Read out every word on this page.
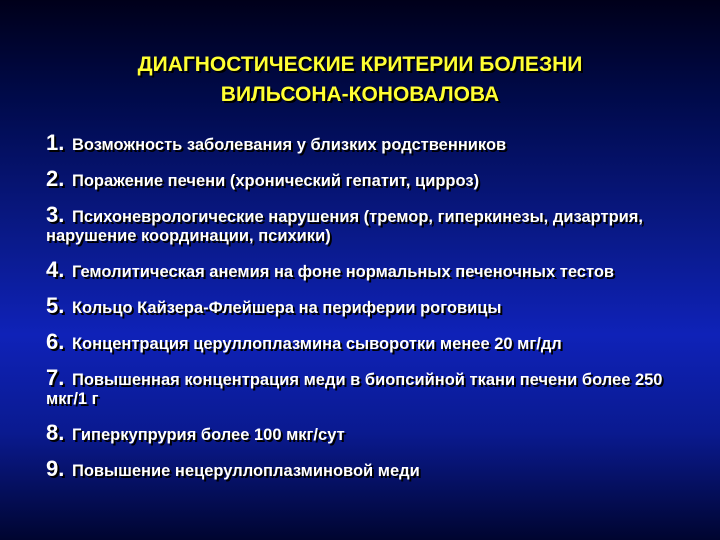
ДИАГНОСТИЧЕСКИЕ КРИТЕРИИ БОЛЕЗНИ
ВИЛЬСОНА-КОНОВАЛОВА
1. Возможность заболевания у близких родственников
2. Поражение печени (хронический гепатит, цирроз)
3. Психоневрологические нарушения (тремор, гиперкинезы, дизартрия, нарушение координации, психики)
4. Гемолитическая анемия на фоне нормальных печеночных тестов
5. Кольцо Кайзера-Флейшера на периферии роговицы
6. Концентрация церуллоплазмина сыворотки менее 20 мг/дл
7. Повышенная концентрация меди в биопсийной ткани печени более 250 мкг/1 г
8. Гиперкупрурия более 100 мкг/сут
9. Повышение нецеруллоплазминовой меди
